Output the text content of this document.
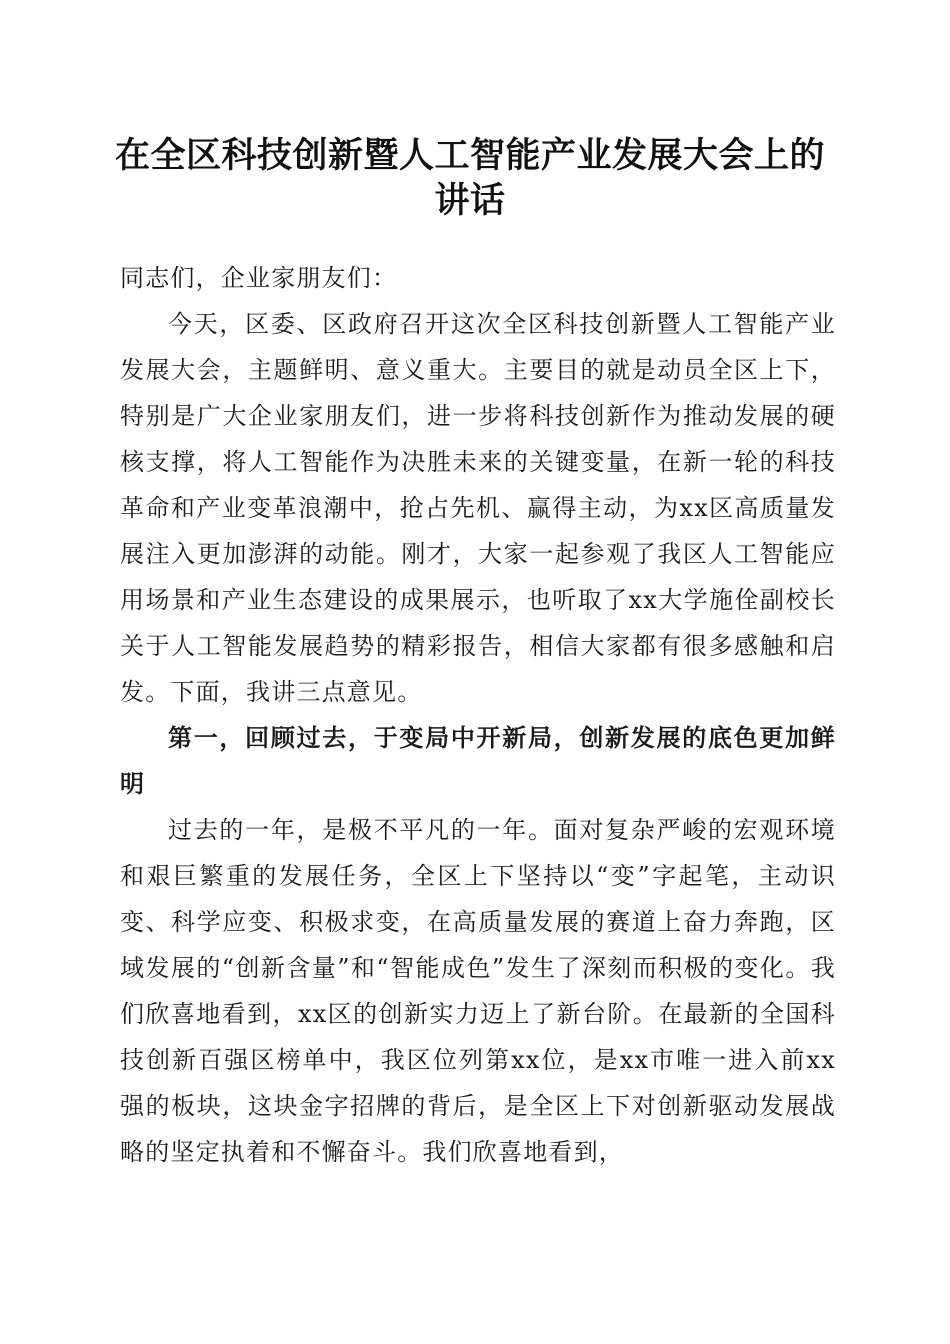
在全区科技创新暨人工智能产业发展大会上的讲话

同志们，企业家朋友们：

今天，区委、区政府召开这次全区科技创新暨人工智能产业发展大会，主题鲜明、意义重大。主要目的就是动员全区上下，特别是广大企业家朋友们，进一步将科技创新作为推动发展的硬核支撑，将人工智能作为决胜未来的关键变量，在新一轮的科技革命和产业变革浪潮中，抢占先机、赢得主动，为xx区高质量发展注入更加澎湃的动能。刚才，大家一起参观了我区人工智能应用场景和产业生态建设的成果展示，也听取了xx大学施佺副校长关于人工智能发展趋势的精彩报告，相信大家都有很多感触和启发。下面，我讲三点意见。

第一，回顾过去，于变局中开新局，创新发展的底色更加鲜明

过去的一年，是极不平凡的一年。面对复杂严峻的宏观环境和艰巨繁重的发展任务，全区上下坚持以“变”字起笔，主动识变、科学应变、积极求变，在高质量发展的赛道上奋力奔跑，区域发展的“创新含量”和“智能成色”发生了深刻而积极的变化。我们欣喜地看到，xx区的创新实力迈上了新台阶。在最新的全国科技创新百强区榜单中，我区位列第xx位，是xx市唯一进入前xx强的板块，这块金字招牌的背后，是全区上下对创新驱动发展战略的坚定执着和不懈奋斗。我们欣喜地看到，
